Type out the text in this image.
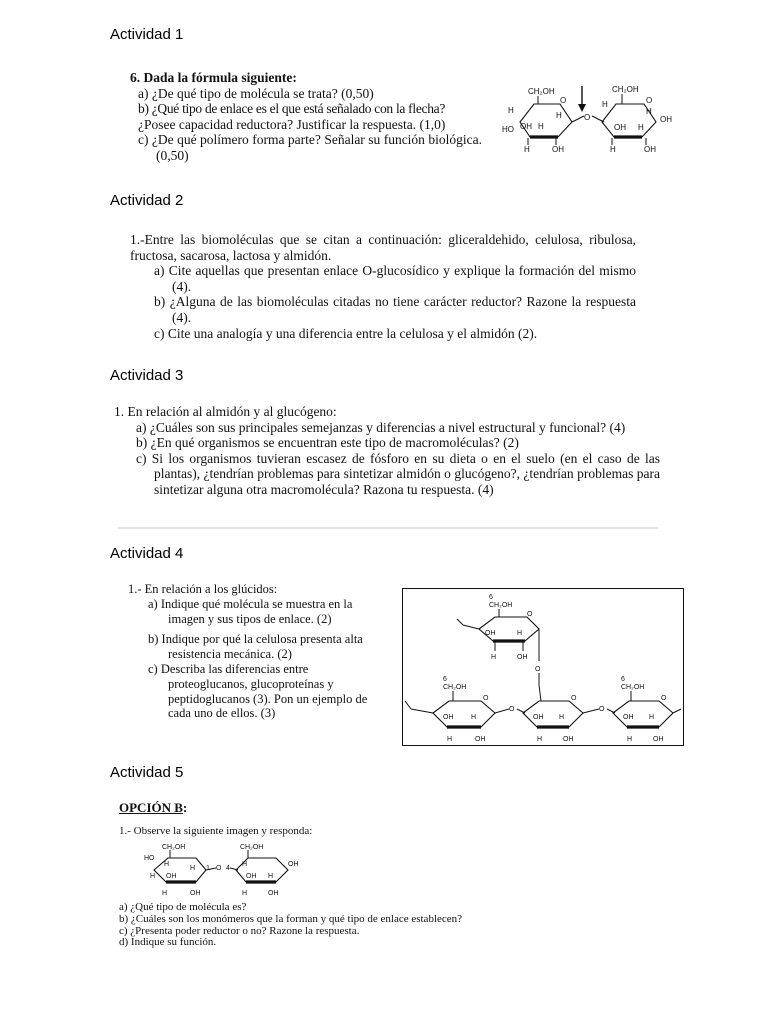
Actividad 1

6. Dada la fórmula siguiente:

a) ¿De qué tipo de molécula se trata? (0,50)

b) ¿Qué tipo de enlace es el que está señalado con la flecha?

¿Posee capacidad reductora? Justificar la respuesta. (1,0)

c) ¿De qué polímero forma parte? Señalar su función biológica. (0,50)

CH₂OH
O
H
HO OH H
H
H	OH
O
CH₂OH
O
H
OH H
OH
H
H	OH
Actividad 2

1.-Entre las biomoléculas que se citan a continuación: gliceraldehido, celulosa, ribulosa, fructosa, sacarosa, lactosa y almidón.

a) Cite aquellas que presentan enlace O-glucosídico y explique la formación del mismo (4).

b) ¿Alguna de las biomoléculas citadas no tiene carácter reductor? Razone la respuesta (4).

c) Cite una analogía y una diferencia entre la celulosa y el almidón (2).

Actividad 3

1. En relación al almidón y al glucógeno:

a) ¿Cuáles son sus principales semejanzas y diferencias a nivel estructural y funcional? (4)

b) ¿En qué organismos se encuentran este tipo de macromoléculas? (2)

c) Si los organismos tuvieran escasez de fósforo en su dieta o en el suelo (en el caso de las plantas), ¿tendrían problemas para sintetizar almidón o glucógeno?, ¿tendrían problemas para sintetizar alguna otra macromolécula? Razona tu respuesta. (4)

Actividad 4

1.- En relación a los glúcidos:

a) Indique qué molécula se muestra en la imagen y sus tipos de enlace. (2)

b) Indique por qué la celulosa presenta alta resistencia mecánica. (2)

c) Describa las diferencias entre proteoglucanos, glucoproteínas y peptidoglucanos (3). Pon un ejemplo de cada uno de ellos. (3)

6
CH₂OH
O
OH	H
H	OH
O
6
CH₂OH
O
OH	H
H	OH
O
O
OH H
H	OH
O
6
CH₂OH
O
OH H
H	OH
Actividad 5
OPCIÓN B:
1.- Observe la siguiente imagen y responda:
CH₂OH
HO
H
H OH
H
H	OH
1 O 4
CH₂OH
H
OH H
OH
H	OH

a) ¿Qué tipo de molécula es?

b) ¿Cuáles son los monómeros que la forman y qué tipo de enlace establecen?

c) ¿Presenta poder reductor o no? Razone la respuesta.

d) Indique su función.
